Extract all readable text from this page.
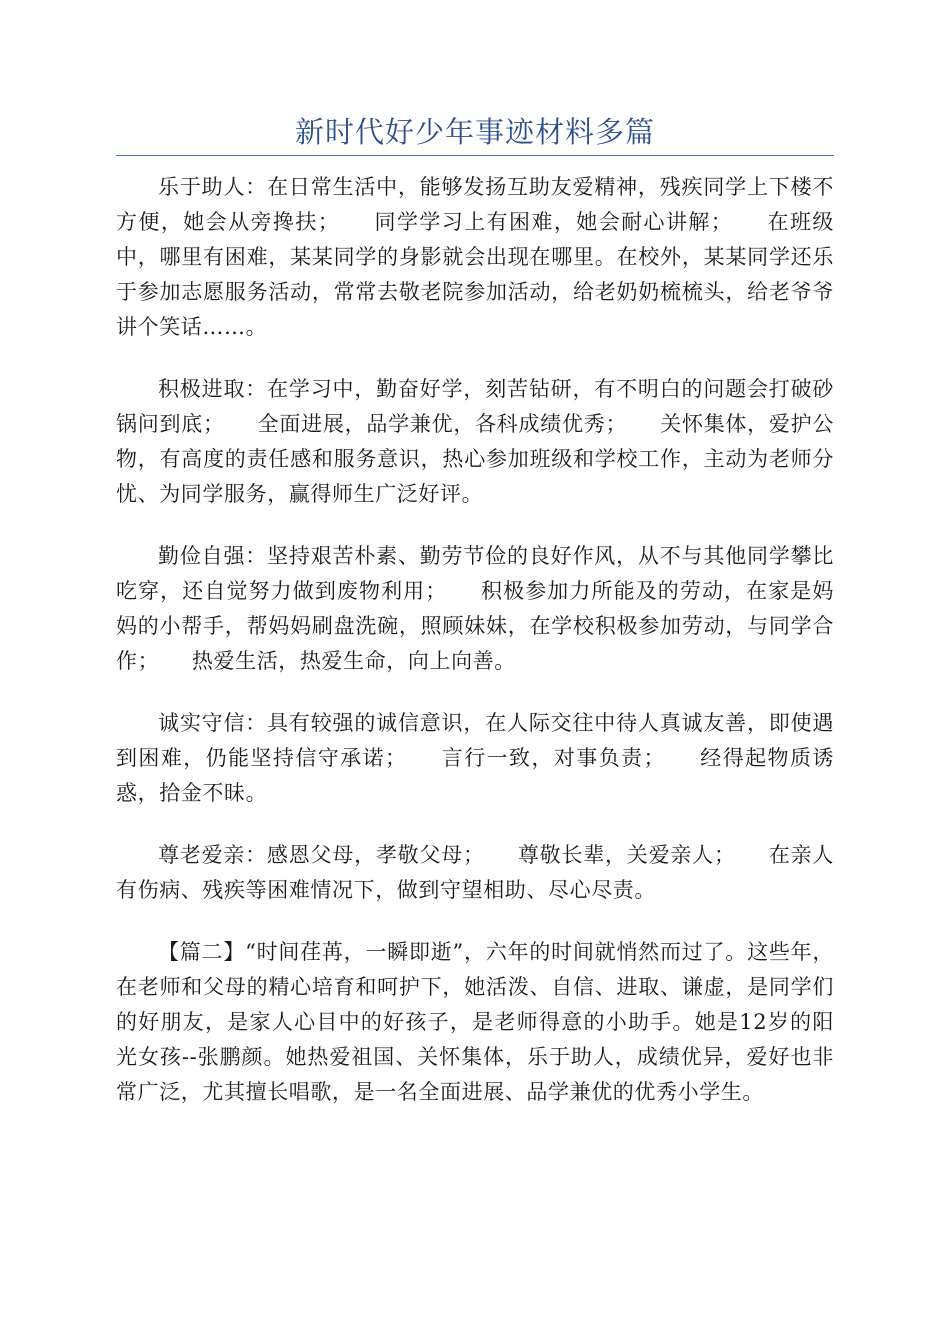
新时代好少年事迹材料多篇

乐于助人：在日常生活中，能够发扬互助友爱精神，残疾同学上下楼不方便，她会从旁搀扶；　　同学学习上有困难，她会耐心讲解；　　在班级中，哪里有困难，某某同学的身影就会出现在哪里。在校外，某某同学还乐于参加志愿服务活动，常常去敬老院参加活动，给老奶奶梳梳头，给老爷爷讲个笑话……。

积极进取：在学习中，勤奋好学，刻苦钻研，有不明白的问题会打破砂锅问到底；　　全面进展，品学兼优，各科成绩优秀；　　关怀集体，爱护公物，有高度的责任感和服务意识，热心参加班级和学校工作，主动为老师分忧、为同学服务，赢得师生广泛好评。

勤俭自强：坚持艰苦朴素、勤劳节俭的良好作风，从不与其他同学攀比吃穿，还自觉努力做到废物利用；　　积极参加力所能及的劳动，在家是妈妈的小帮手，帮妈妈刷盘洗碗，照顾妹妹，在学校积极参加劳动，与同学合作；　　热爱生活，热爱生命，向上向善。

诚实守信：具有较强的诚信意识，在人际交往中待人真诚友善，即使遇到困难，仍能坚持信守承诺；　　言行一致，对事负责；　　经得起物质诱惑，拾金不昧。

尊老爱亲：感恩父母，孝敬父母；　　尊敬长辈，关爱亲人；　　在亲人有伤病、残疾等困难情况下，做到守望相助、尽心尽责。

【篇二】“时间荏苒，一瞬即逝”，六年的时间就悄然而过了。这些年，在老师和父母的精心培育和呵护下，她活泼、自信、进取、谦虚，是同学们的好朋友，是家人心目中的好孩子，是老师得意的小助手。她是12岁的阳光女孩--张鹏颜。她热爱祖国、关怀集体，乐于助人，成绩优异，爱好也非常广泛，尤其擅长唱歌，是一名全面进展、品学兼优的优秀小学生。
